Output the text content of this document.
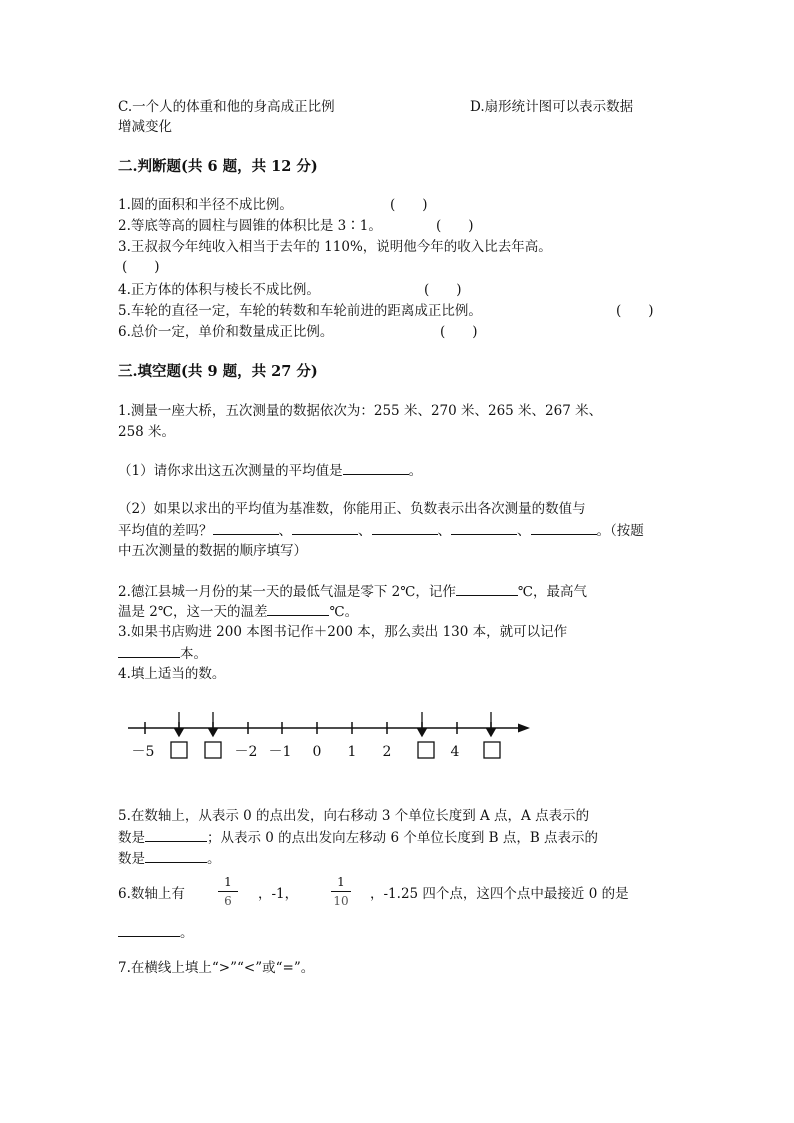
C.一个人的体重和他的身高成正比例	D.扇形统计图可以表示数据
增减变化
二.判断题(共 6 题，共 12 分)
1.圆的面积和半径不成比例。	(　　)
2.等底等高的圆柱与圆锥的体积比是 3∶1。	(　　)
3.王叔叔今年纯收入相当于去年的 110%，说明他今年的收入比去年高。
(　　)
4.正方体的体积与棱长不成比例。	(　　)
5.车轮的直径一定，车轮的转数和车轮前进的距离成正比例。	(　　)
6.总价一定，单价和数量成正比例。	(　　)
三.填空题(共 9 题，共 27 分)
1.测量一座大桥，五次测量的数据依次为：255 米、270 米、265 米、267 米、
258 米。
（1）请你求出这五次测量的平均值是	。
（2）如果以求出的平均值为基准数，你能用正、负数表示出各次测量的数值与
平均值的差吗？	、	、	、	、	。（按题
中五次测量的数据的顺序填写）
2.德江县城一月份的某一天的最低气温是零下 2℃，记作	℃，最高气
温是 2℃，这一天的温差	℃。
3.如果书店购进 200 本图书记作＋200 本，那么卖出 130 本，就可以记作
本。
4.填上适当的数。
－5	－2 －1 0 1 2	4
5.在数轴上，从表示 0 的点出发，向右移动 3 个单位长度到 A 点，A 点表示的
数是	；从表示 0 的点出发向左移动 6 个单位长度到 B 点，B 点表示的
数是	。
6.数轴上有
1
6	，-1，
1
10	，-1.25 四个点，这四个点中最接近 0 的是
。
7.在横线上填上“>”“<”或“=”。
